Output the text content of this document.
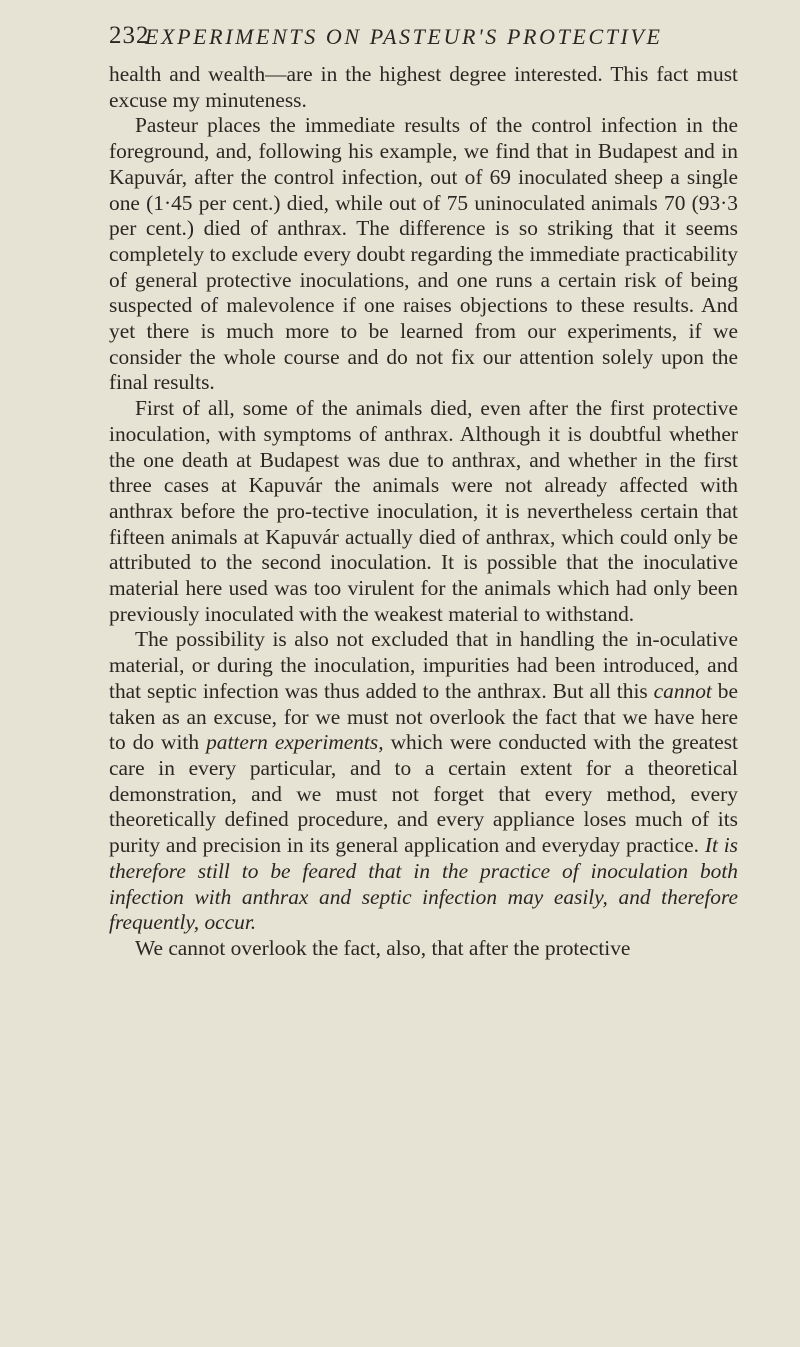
232
EXPERIMENTS ON PASTEUR'S PROTECTIVE

health and wealth—are in the highest degree interested. This fact must excuse my minuteness.

Pasteur places the immediate results of the control infection in the foreground, and, following his example, we find that in Budapest and in Kapuvár, after the control infection, out of 69 inoculated sheep a single one (1·45 per cent.) died, while out of 75 uninoculated animals 70 (93·3 per cent.) died of anthrax. The difference is so striking that it seems completely to exclude every doubt regarding the immediate practicability of general protective inoculations, and one runs a certain risk of being suspected of malevolence if one raises objections to these results. And yet there is much more to be learned from our experiments, if we consider the whole course and do not fix our attention solely upon the final results.

First of all, some of the animals died, even after the first protective inoculation, with symptoms of anthrax. Although it is doubtful whether the one death at Budapest was due to anthrax, and whether in the first three cases at Kapuvár the animals were not already affected with anthrax before the pro-tective inoculation, it is nevertheless certain that fifteen animals at Kapuvár actually died of anthrax, which could only be attributed to the second inoculation. It is possible that the inoculative material here used was too virulent for the animals which had only been previously inoculated with the weakest material to withstand.

The possibility is also not excluded that in handling the in-oculative material, or during the inoculation, impurities had been introduced, and that septic infection was thus added to the anthrax. But all this cannot be taken as an excuse, for we must not overlook the fact that we have here to do with pattern experiments, which were conducted with the greatest care in every particular, and to a certain extent for a theoretical demonstration, and we must not forget that every method, every theoretically defined procedure, and every appliance loses much of its purity and precision in its general application and everyday practice. It is therefore still to be feared that in the practice of inoculation both infection with anthrax and septic infection may easily, and therefore frequently, occur.

We cannot overlook the fact, also, that after the protective
